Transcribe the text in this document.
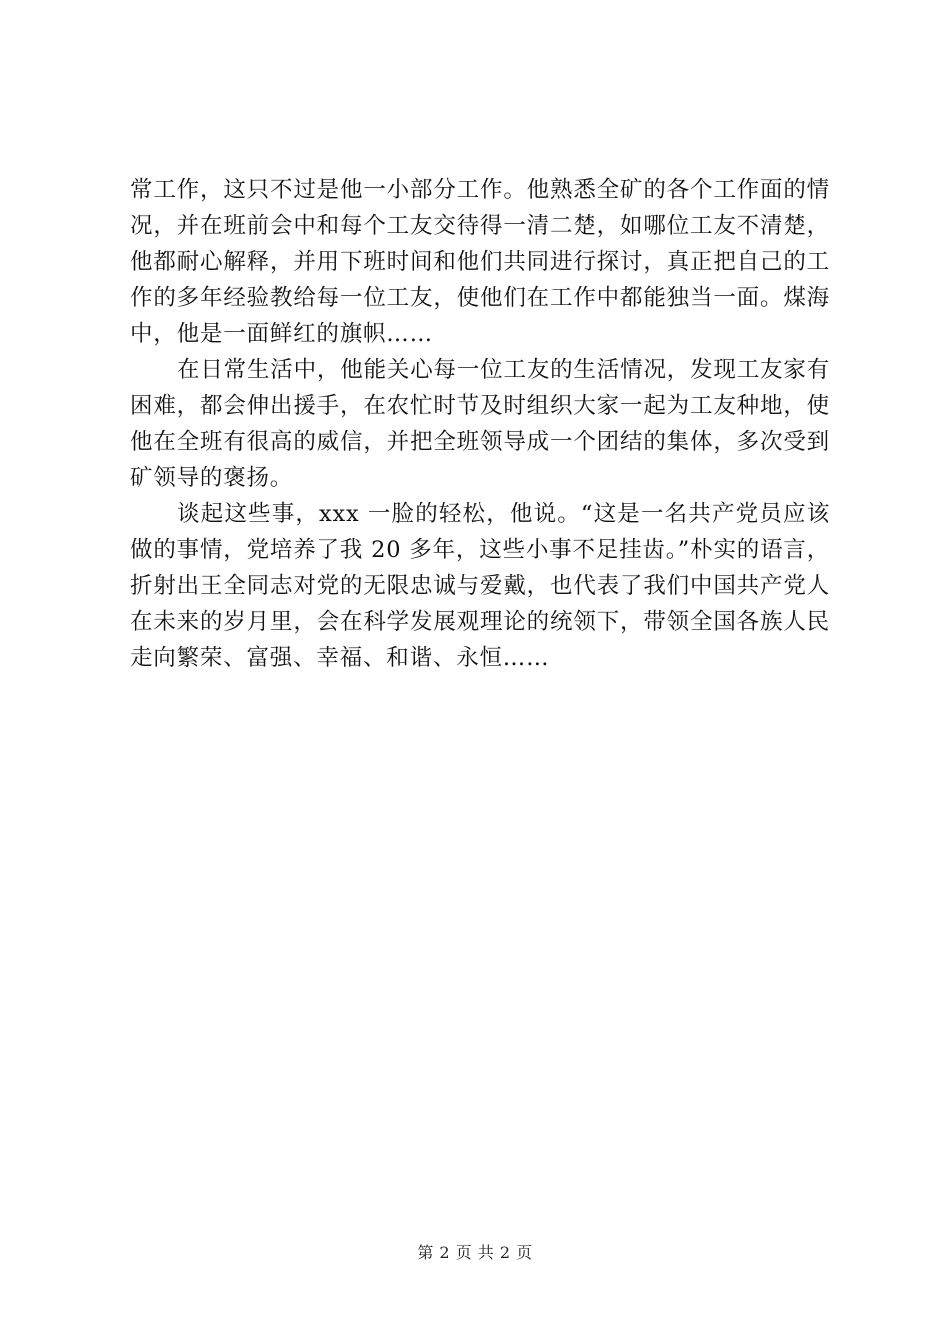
常工作，这只不过是他一小部分工作。他熟悉全矿的各个工作面的情况，并在班前会中和每个工友交待得一清二楚，如哪位工友不清楚，他都耐心解释，并用下班时间和他们共同进行探讨，真正把自己的工作的多年经验教给每一位工友，使他们在工作中都能独当一面。煤海中，他是一面鲜红的旗帜……

在日常生活中，他能关心每一位工友的生活情况，发现工友家有困难，都会伸出援手，在农忙时节及时组织大家一起为工友种地，使他在全班有很高的威信，并把全班领导成一个团结的集体，多次受到矿领导的褒扬。

谈起这些事，xxx 一脸的轻松，他说。“这是一名共产党员应该做的事情，党培养了我 20 多年，这些小事不足挂齿。”朴实的语言，折射出王全同志对党的无限忠诚与爱戴，也代表了我们中国共产党人在未来的岁月里，会在科学发展观理论的统领下，带领全国各族人民走向繁荣、富强、幸福、和谐、永恒……

第 2 页 共 2 页
